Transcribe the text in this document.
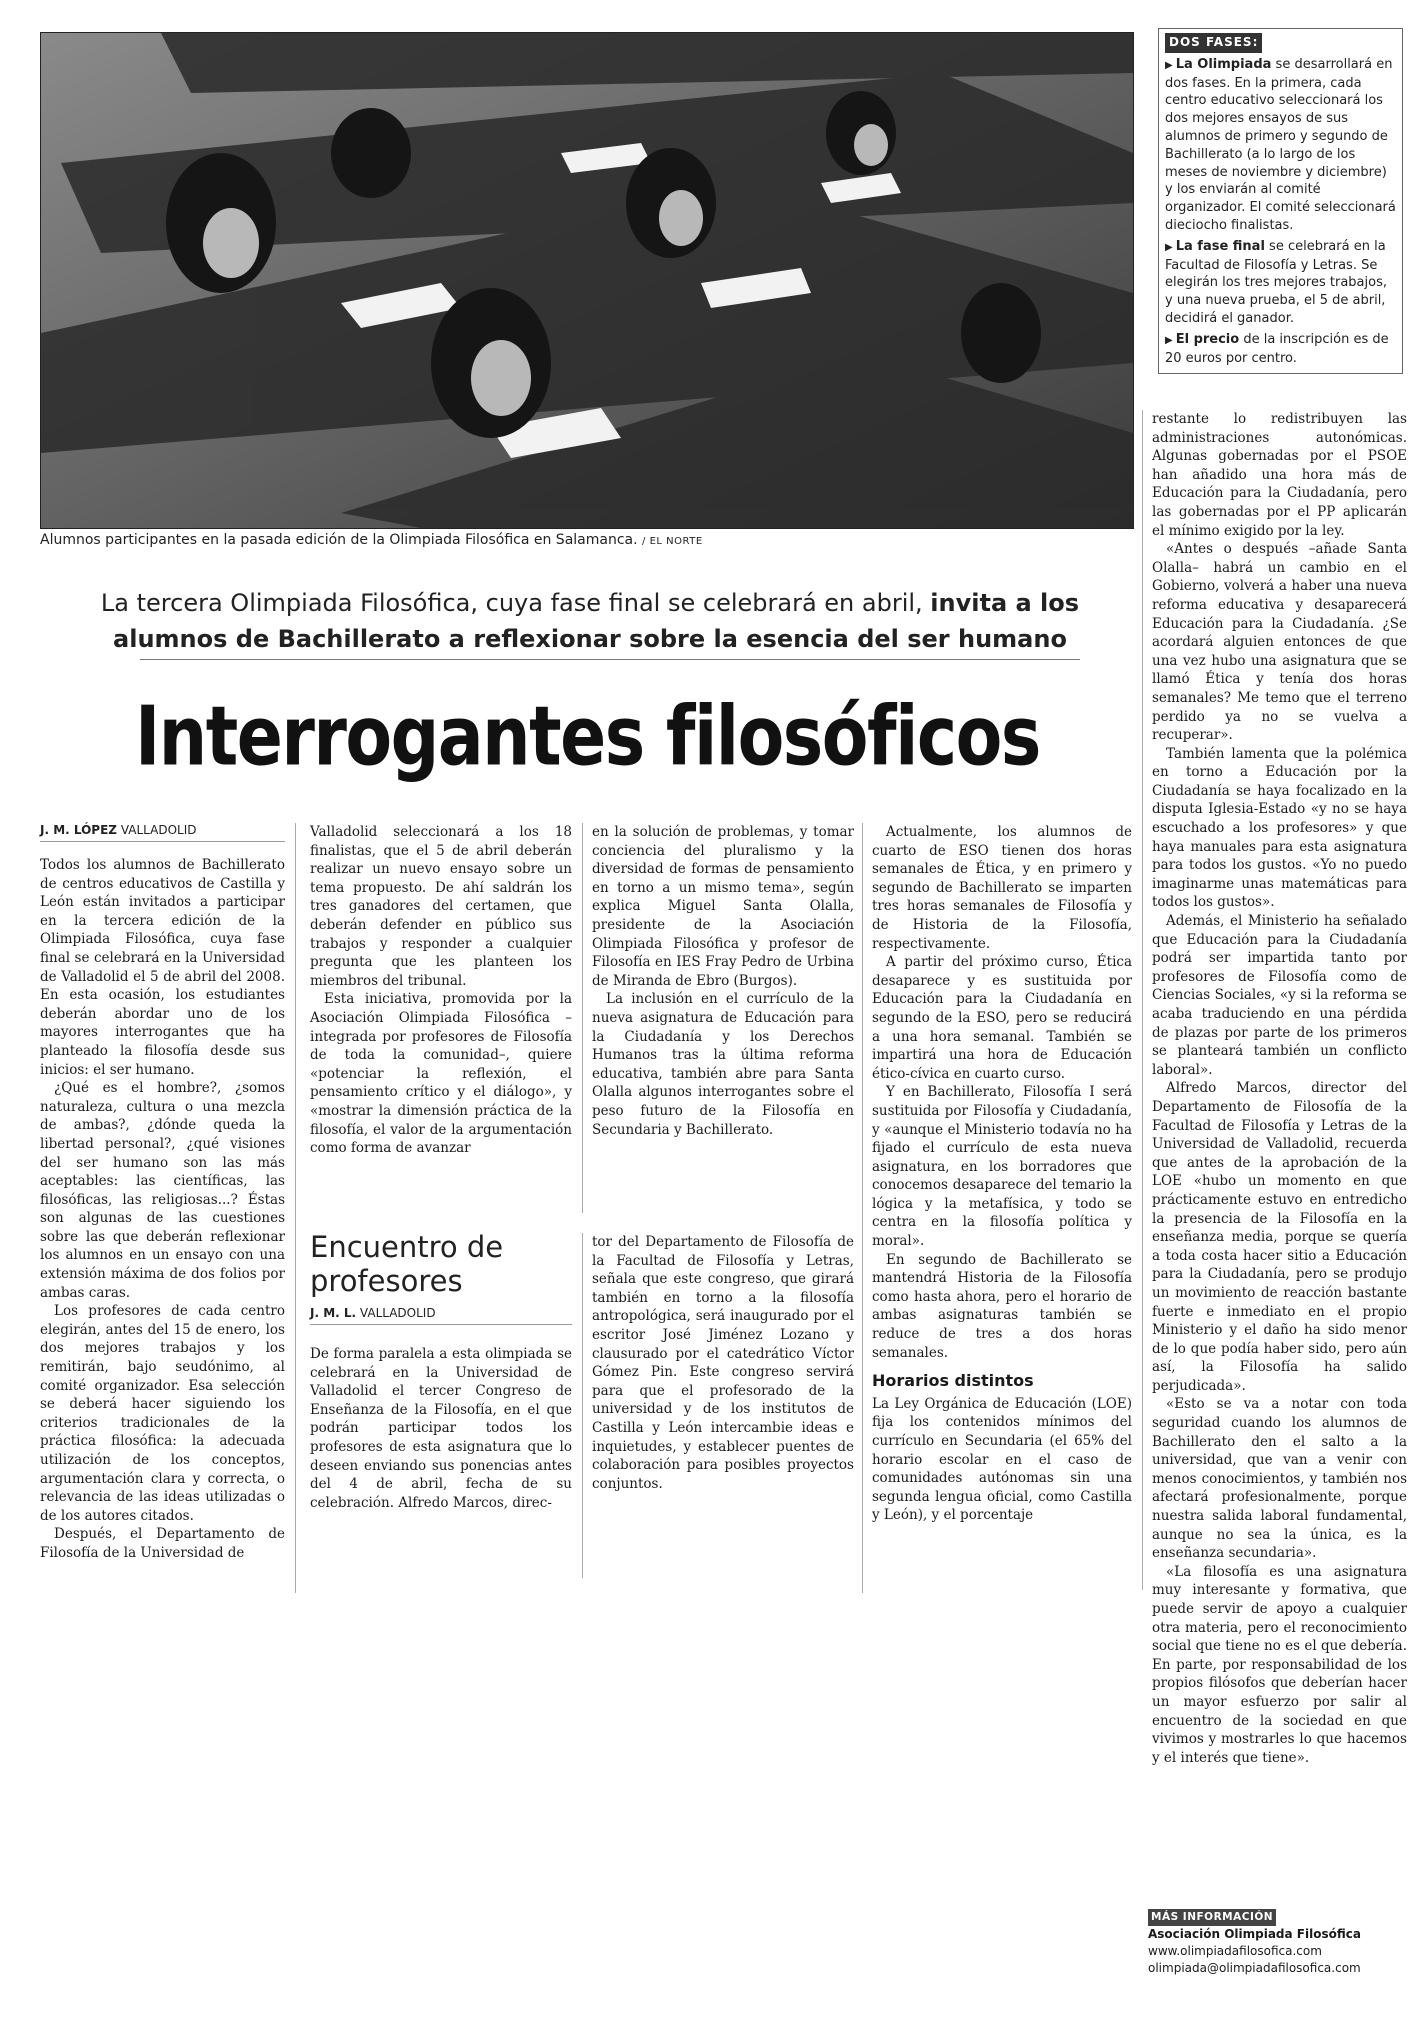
Alumnos participantes en la pasada edición de la Olimpiada Filosófica en Salamanca. / EL NORTE
DOS FASES:
▶ La Olimpiada se desarrollará en dos fases. En la primera, cada centro educativo seleccionará los dos mejores ensayos de sus alumnos de primero y segundo de Bachillerato (a lo largo de los meses de noviembre y diciembre) y los enviarán al comité organizador. El comité seleccionará dieciocho finalistas.
▶ La fase final se celebrará en la Facultad de Filosofía y Letras. Se elegirán los tres mejores trabajos, y una nueva prueba, el 5 de abril, decidirá el ganador.
▶ El precio de la inscripción es de 20 euros por centro.
La tercera Olimpiada Filosófica, cuya fase final se celebrará en abril, invita a los
alumnos de Bachillerato a reflexionar sobre la esencia del ser humano
Interrogantes filosóficos
J. M. LÓPEZ VALLADOLID

Todos los alumnos de Bachillerato de centros educativos de Castilla y León están invitados a participar en la tercera edición de la Olimpiada Filosófica, cuya fase final se celebrará en la Universidad de Valladolid el 5 de abril del 2008. En esta ocasión, los estudiantes deberán abordar uno de los mayores interrogantes que ha planteado la filosofía desde sus inicios: el ser humano.

¿Qué es el hombre?, ¿somos naturaleza, cultura o una mezcla de ambas?, ¿dónde queda la libertad personal?, ¿qué visiones del ser humano son las más aceptables: las científicas, las filosóficas, las religiosas...? Éstas son algunas de las cuestiones sobre las que deberán reflexionar los alumnos en un ensayo con una extensión máxima de dos folios por ambas caras.

Los profesores de cada centro elegirán, antes del 15 de enero, los dos mejores trabajos y los remitirán, bajo seudónimo, al comité organizador. Esa selección se deberá hacer siguiendo los criterios tradicionales de la práctica filosófica: la adecuada utilización de los conceptos, argumentación clara y correcta, o relevancia de las ideas utilizadas o de los autores citados.

Después, el Departamento de Filosofía de la Universidad de

Valladolid seleccionará a los 18 finalistas, que el 5 de abril deberán realizar un nuevo ensayo sobre un tema propuesto. De ahí saldrán los tres ganadores del certamen, que deberán defender en público sus trabajos y responder a cualquier pregunta que les planteen los miembros del tribunal.

Esta iniciativa, promovida por la Asociación Olimpiada Filosófica –integrada por profesores de Filosofía de toda la comunidad–, quiere «potenciar la reflexión, el pensamiento crítico y el diálogo», y «mostrar la dimensión práctica de la filosofía, el valor de la argumentación como forma de avanzar

en la solución de problemas, y tomar conciencia del pluralismo y la diversidad de formas de pensamiento en torno a un mismo tema», según explica Miguel Santa Olalla, presidente de la Asociación Olimpiada Filosófica y profesor de Filosofía en IES Fray Pedro de Urbina de Miranda de Ebro (Burgos).

La inclusión en el currículo de la nueva asignatura de Educación para la Ciudadanía y los Derechos Humanos tras la última reforma educativa, también abre para Santa Olalla algunos interrogantes sobre el peso futuro de la Filosofía en Secundaria y Bachillerato.

Encuentro de
profesores
J. M. L. VALLADOLID

De forma paralela a esta olimpiada se celebrará en la Universidad de Valladolid el tercer Congreso de Enseñanza de la Filosofía, en el que podrán participar todos los profesores de esta asignatura que lo deseen enviando sus ponencias antes del 4 de abril, fecha de su celebración. Alfredo Marcos, direc-

tor del Departamento de Filosofía de la Facultad de Filosofía y Letras, señala que este congreso, que girará también en torno a la filosofía antropológica, será inaugurado por el escritor José Jiménez Lozano y clausurado por el catedrático Víctor Gómez Pin. Este congreso servirá para que el profesorado de la universidad y de los institutos de Castilla y León intercambie ideas e inquietudes, y establecer puentes de colaboración para posibles proyectos conjuntos.

Actualmente, los alumnos de cuarto de ESO tienen dos horas semanales de Ética, y en primero y segundo de Bachillerato se imparten tres horas semanales de Filosofía y de Historia de la Filosofía, respectivamente.

A partir del próximo curso, Ética desaparece y es sustituida por Educación para la Ciudadanía en segundo de la ESO, pero se reducirá a una hora semanal. También se impartirá una hora de Educación ético-cívica en cuarto curso.

Y en Bachillerato, Filosofía I será sustituida por Filosofía y Ciudadanía, y «aunque el Ministerio todavía no ha fijado el currículo de esta nueva asignatura, en los borradores que conocemos desaparece del temario la lógica y la metafísica, y todo se centra en la filosofía política y moral».

En segundo de Bachillerato se mantendrá Historia de la Filosofía como hasta ahora, pero el horario de ambas asignaturas también se reduce de tres a dos horas semanales.

Horarios distintos

La Ley Orgánica de Educación (LOE) fija los contenidos mínimos del currículo en Secundaria (el 65% del horario escolar en el caso de comunidades autónomas sin una segunda lengua oficial, como Castilla y León), y el porcentaje

restante lo redistribuyen las administraciones autonómicas. Algunas gobernadas por el PSOE han añadido una hora más de Educación para la Ciudadanía, pero las gobernadas por el PP aplicarán el mínimo exigido por la ley.

«Antes o después –añade Santa Olalla– habrá un cambio en el Gobierno, volverá a haber una nueva reforma educativa y desaparecerá Educación para la Ciudadanía. ¿Se acordará alguien entonces de que una vez hubo una asignatura que se llamó Ética y tenía dos horas semanales? Me temo que el terreno perdido ya no se vuelva a recuperar».

También lamenta que la polémica en torno a Educación por la Ciudadanía se haya focalizado en la disputa Iglesia-Estado «y no se haya escuchado a los profesores» y que haya manuales para esta asignatura para todos los gustos. «Yo no puedo imaginarme unas matemáticas para todos los gustos».

Además, el Ministerio ha señalado que Educación para la Ciudadanía podrá ser impartida tanto por profesores de Filosofía como de Ciencias Sociales, «y si la reforma se acaba traduciendo en una pérdida de plazas por parte de los primeros se planteará también un conflicto laboral».

Alfredo Marcos, director del Departamento de Filosofía de la Facultad de Filosofía y Letras de la Universidad de Valladolid, recuerda que antes de la aprobación de la LOE «hubo un momento en que prácticamente estuvo en entredicho la presencia de la Filosofía en la enseñanza media, porque se quería a toda costa hacer sitio a Educación para la Ciudadanía, pero se produjo un movimiento de reacción bastante fuerte e inmediato en el propio Ministerio y el daño ha sido menor de lo que podía haber sido, pero aún así, la Filosofía ha salido perjudicada».

«Esto se va a notar con toda seguridad cuando los alumnos de Bachillerato den el salto a la universidad, que van a venir con menos conocimientos, y también nos afectará profesionalmente, porque nuestra salida laboral fundamental, aunque no sea la única, es la enseñanza secundaria».

«La filosofía es una asignatura muy interesante y formativa, que puede servir de apoyo a cualquier otra materia, pero el reconocimiento social que tiene no es el que debería. En parte, por responsabilidad de los propios filósofos que deberían hacer un mayor esfuerzo por salir al encuentro de la sociedad en que vivimos y mostrarles lo que hacemos y el interés que tiene».

MÁS INFORMACIÓN
Asociación Olimpiada Filosófica
www.olimpiadafilosofica.com
olimpiada@olimpiadafilosofica.com
